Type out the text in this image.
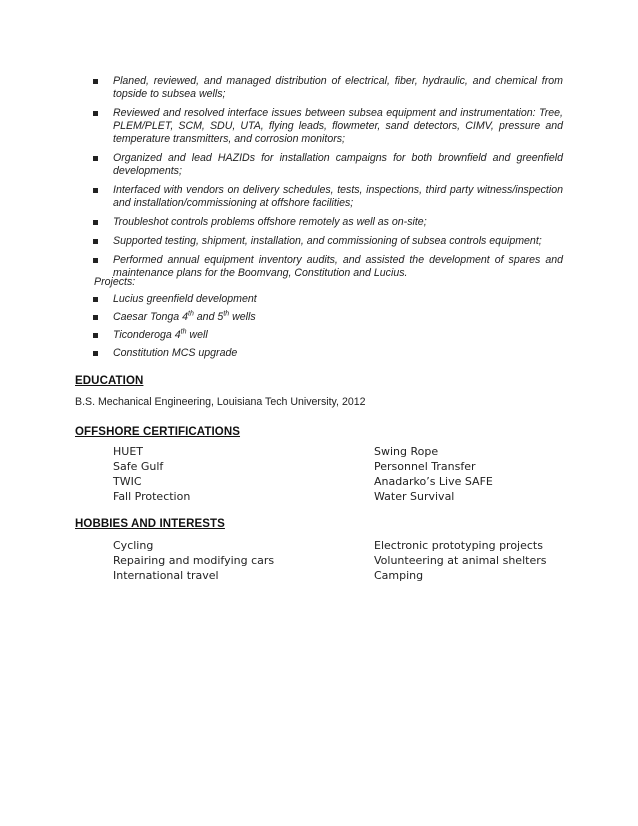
Planed, reviewed, and managed distribution of electrical, fiber, hydraulic, and chemical from topside to subsea wells;
Reviewed and resolved interface issues between subsea equipment and instrumentation: Tree, PLEM/PLET, SCM, SDU, UTA, flying leads, flowmeter, sand detectors, CIMV, pressure and temperature transmitters, and corrosion monitors;
Organized and lead HAZIDs for installation campaigns for both brownfield and greenfield developments;
Interfaced with vendors on delivery schedules, tests, inspections, third party witness/inspection and installation/commissioning at offshore facilities;
Troubleshot controls problems offshore remotely as well as on-site;
Supported testing, shipment, installation, and commissioning of subsea controls equipment;
Performed annual equipment inventory audits, and assisted the development of spares and maintenance plans for the Boomvang, Constitution and Lucius.
Projects:
Lucius greenfield development
Caesar Tonga 4th and 5th wells
Ticonderoga 4th well
Constitution MCS upgrade
EDUCATION
B.S. Mechanical Engineering, Louisiana Tech University, 2012
OFFSHORE CERTIFICATIONS
HUET
Safe Gulf
TWIC
Fall Protection
Swing Rope
Personnel Transfer
Anadarko’s Live SAFE
Water Survival
HOBBIES AND INTERESTS
Cycling
Repairing and modifying cars
International travel
Electronic prototyping projects
Volunteering at animal shelters
Camping
